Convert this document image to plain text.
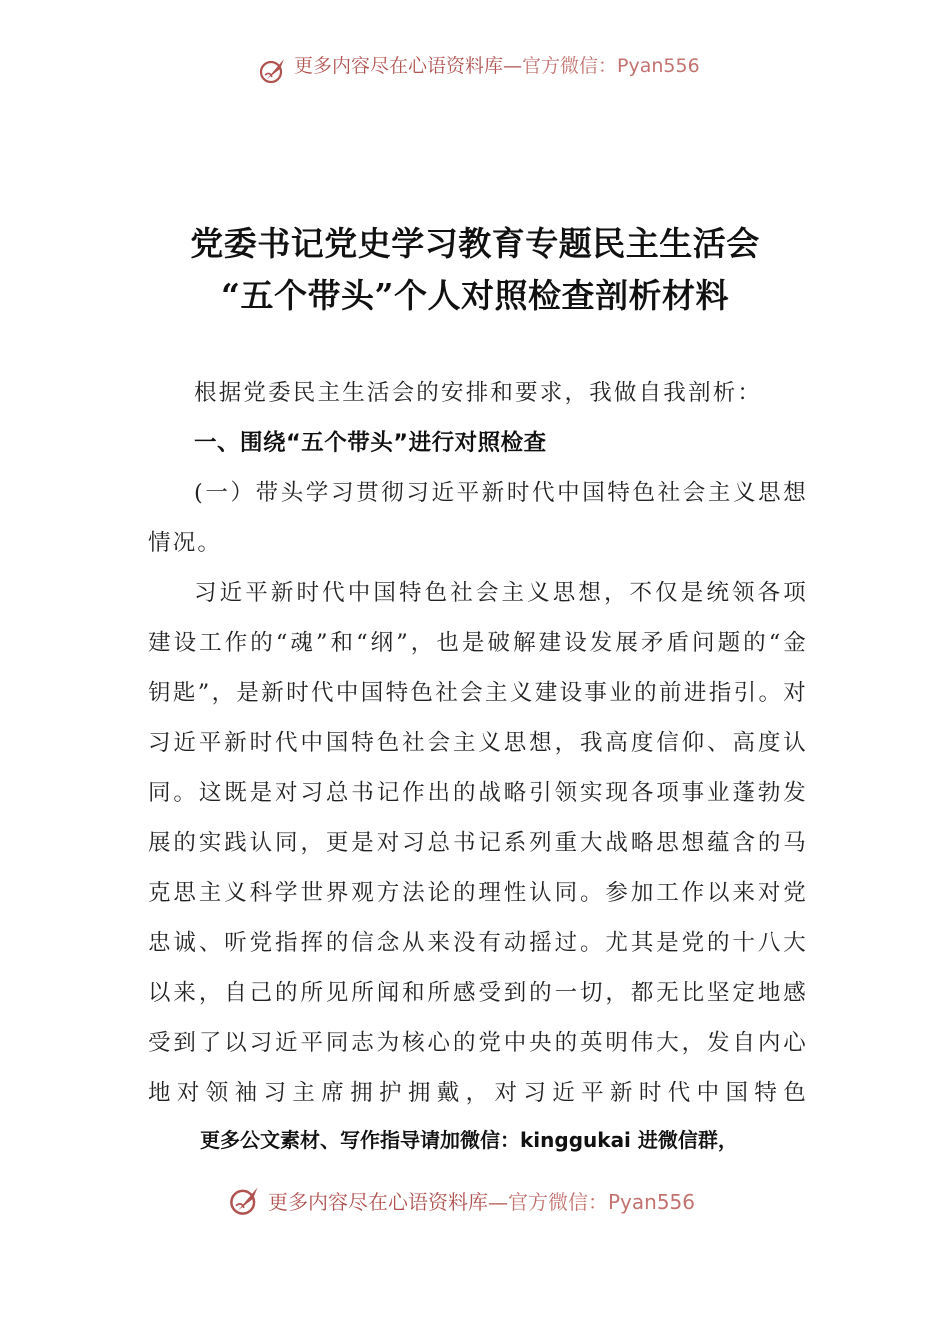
更多内容尽在心语资料库—官方微信：Pyan556
党委书记党史学习教育专题民主生活会
“五个带头”个人对照检查剖析材料

根据党委民主生活会的安排和要求，我做自我剖析：

一、围绕“五个带头”进行对照检查

(一）带头学习贯彻习近平新时代中国特色社会主义思想情况。

习近平新时代中国特色社会主义思想，不仅是统领各项建设工作的“魂”和“纲”，也是破解建设发展矛盾问题的“金钥匙”，是新时代中国特色社会主义建设事业的前进指引。对习近平新时代中国特色社会主义思想，我高度信仰、高度认同。这既是对习总书记作出的战略引领实现各项事业蓬勃发展的实践认同，更是对习总书记系列重大战略思想蕴含的马克思主义科学世界观方法论的理性认同。参加工作以来对党忠诚、听党指挥的信念从来没有动摇过。尤其是党的十八大以来，自己的所见所闻和所感受到的一切，都无比坚定地感受到了以习近平同志为核心的党中央的英明伟大，发自内心地对领袖习主席拥护拥戴，对习近平新时代中国特色

更多公文素材、写作指导请加微信：kinggukai 进微信群，
更多内容尽在心语资料库—官方微信：Pyan556
